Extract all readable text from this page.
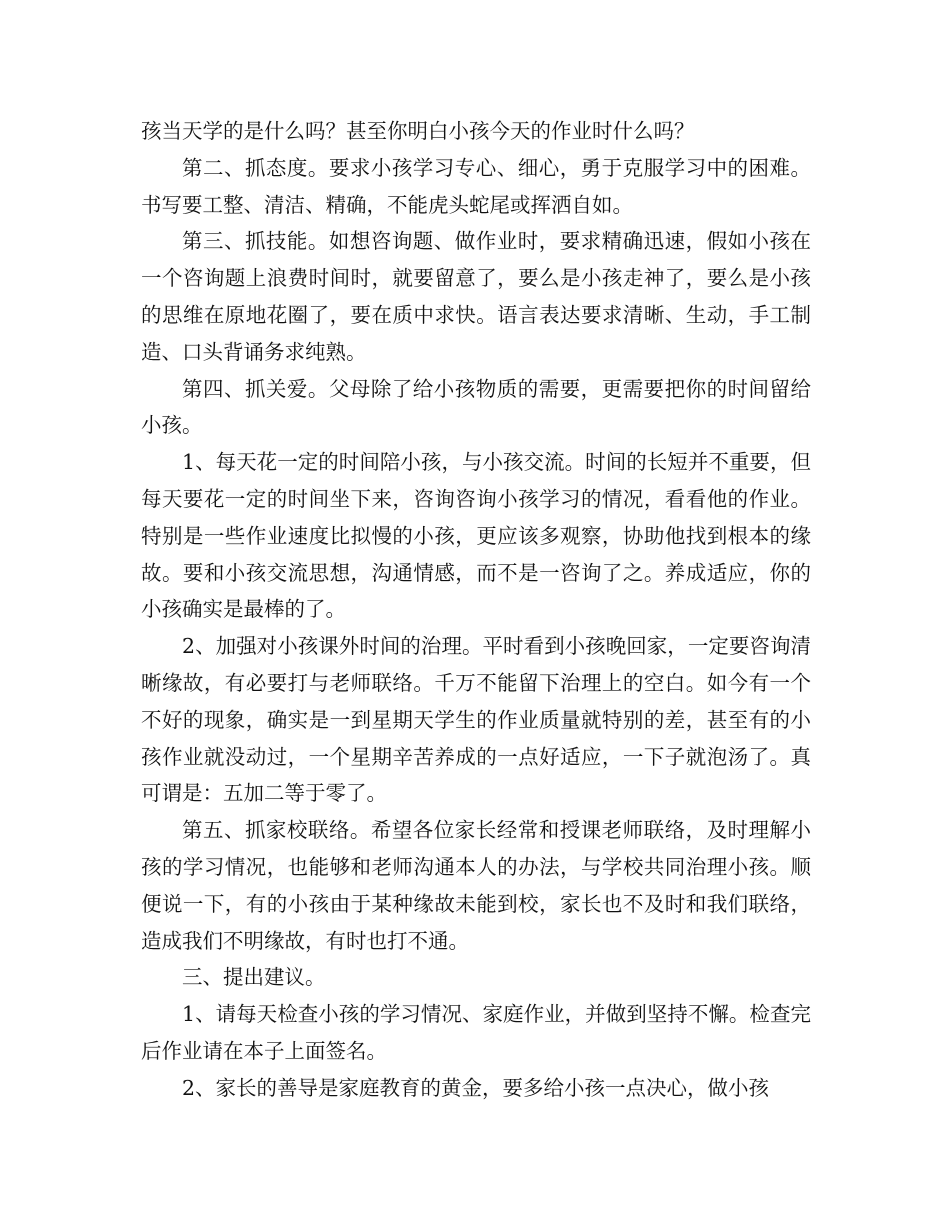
孩当天学的是什么吗？甚至你明白小孩今天的作业时什么吗？

第二、抓态度。要求小孩学习专心、细心，勇于克服学习中的困难。书写要工整、清洁、精确，不能虎头蛇尾或挥洒自如。

第三、抓技能。如想咨询题、做作业时，要求精确迅速，假如小孩在一个咨询题上浪费时间时，就要留意了，要么是小孩走神了，要么是小孩的思维在原地花圈了，要在质中求快。语言表达要求清晰、生动，手工制造、口头背诵务求纯熟。

第四、抓关爱。父母除了给小孩物质的需要，更需要把你的时间留给小孩。

1、每天花一定的时间陪小孩，与小孩交流。时间的长短并不重要，但每天要花一定的时间坐下来，咨询咨询小孩学习的情况，看看他的作业。特别是一些作业速度比拟慢的小孩，更应该多观察，协助他找到根本的缘故。要和小孩交流思想，沟通情感，而不是一咨询了之。养成适应，你的小孩确实是最棒的了。

2、加强对小孩课外时间的治理。平时看到小孩晚回家，一定要咨询清晰缘故，有必要打与老师联络。千万不能留下治理上的空白。如今有一个不好的现象，确实是一到星期天学生的作业质量就特别的差，甚至有的小孩作业就没动过，一个星期辛苦养成的一点好适应，一下子就泡汤了。真可谓是：五加二等于零了。

第五、抓家校联络。希望各位家长经常和授课老师联络，及时理解小孩的学习情况，也能够和老师沟通本人的办法，与学校共同治理小孩。顺便说一下，有的小孩由于某种缘故未能到校，家长也不及时和我们联络，造成我们不明缘故，有时也打不通。

三、提出建议。

1、请每天检查小孩的学习情况、家庭作业，并做到坚持不懈。检查完后作业请在本子上面签名。

2、家长的善导是家庭教育的黄金，要多给小孩一点决心，做小孩
